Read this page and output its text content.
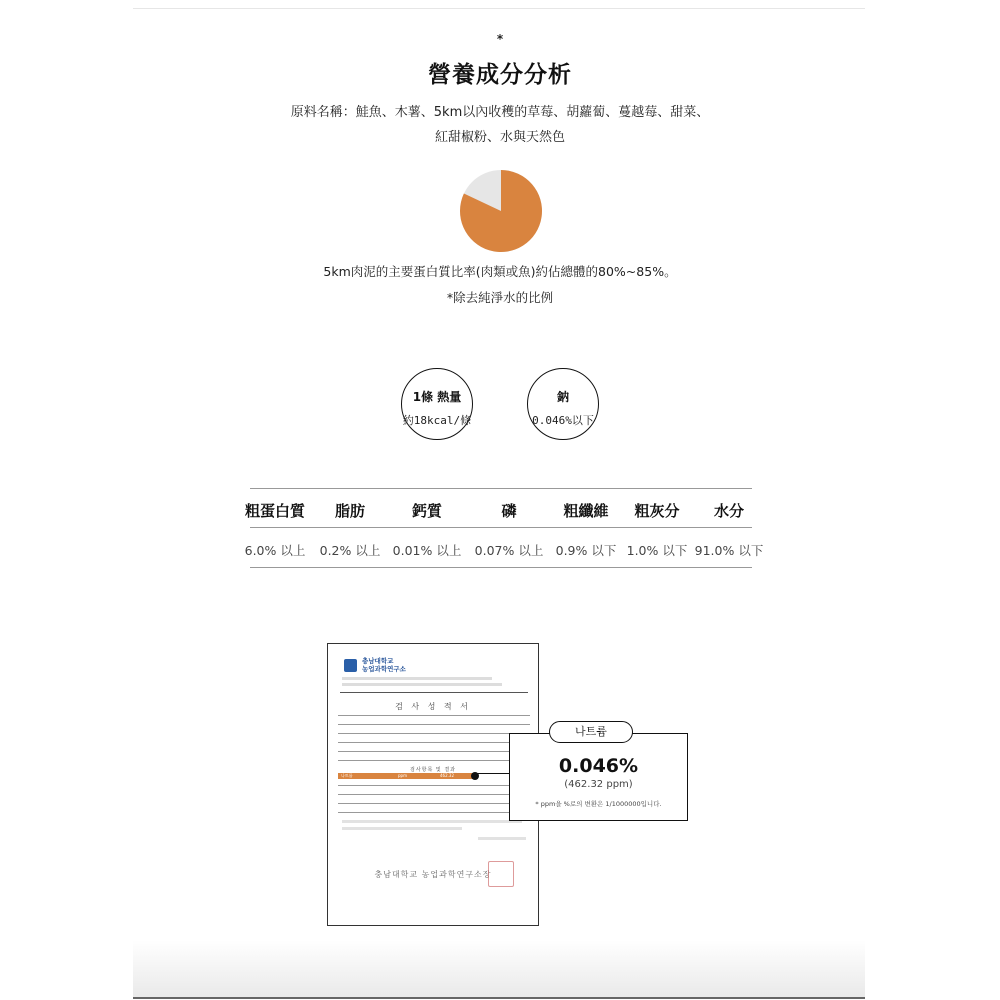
*
營養成分分析
原料名稱：鮭魚、木薯、5km以內收穫的草莓、胡蘿蔔、蔓越莓、甜菜、
紅甜椒粉、水與天然色
5km肉泥的主要蛋白質比率(肉類或魚)約佔總體的80%~85%。
*除去純淨水的比例
1條 熱量
約18kcal/條
鈉
0.046%以下
粗蛋白質	脂肪	鈣質	磷	粗纖維	粗灰分	水分
6.0% 以上	0.2% 以上 0.01% 以上	0.07% 以上 0.9% 以下 1.0% 以下 91.0% 以下
충남대학교
농업과학연구소
검 사 성 적 서
검사항목 및 결과
나트륨	ppm	462.32
충남대학교 농업과학연구소장
0.046%
(462.32 ppm)
* ppm을 %로의 변환은 1/1000000입니다.
나트륨
